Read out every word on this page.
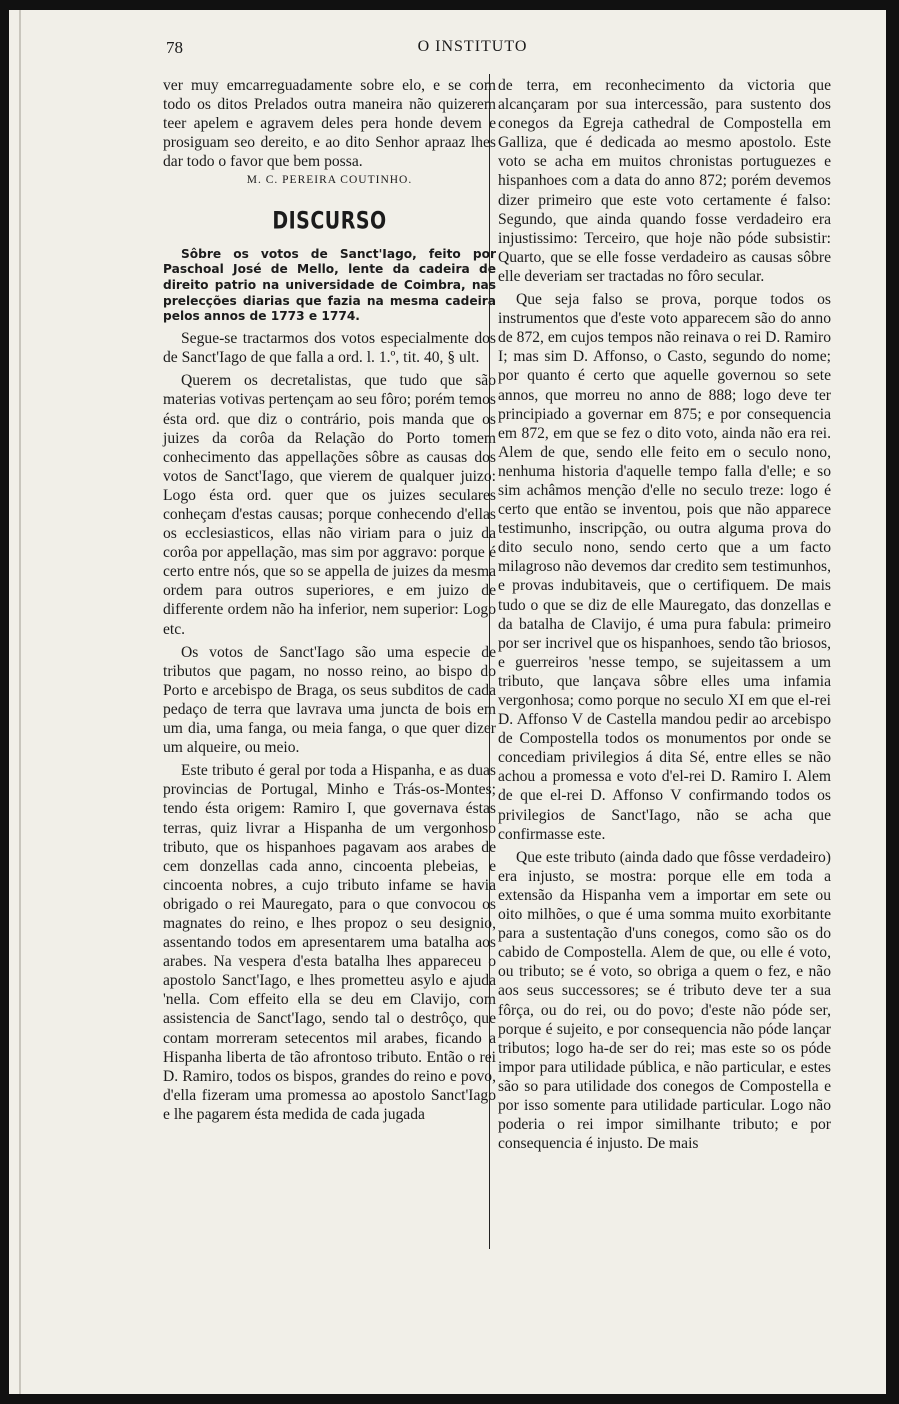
78	O INSTITUTO

ver muy emcarreguadamente sobre elo, e se com todo os ditos Prelados outra maneira não quizerem teer apelem e agravem deles pera honde devem e prosiguam seo dereito, e ao dito Senhor apraaz lhes dar todo o favor que bem possa.

M. C. PEREIRA COUTINHO.

DISCURSO

Sôbre os votos de Sanct'Iago, feito por Paschoal José de Mello, lente da cadeira de direito patrio na universidade de Coimbra, nas prelecções diarias que fazia na mesma cadeira pelos annos de 1773 e 1774.

Segue-se tractarmos dos votos especialmente dos de Sanct'Iago de que falla a ord. l. 1.º, tit. 40, § ult.

Querem os decretalistas, que tudo que são materias votivas pertençam ao seu fôro; porém temos ésta ord. que diz o contrário, pois manda que os juizes da corôa da Relação do Porto tomem conhecimento das appellações sôbre as causas dos votos de Sanct'Iago, que vierem de qualquer juizo: Logo ésta ord. quer que os juizes seculares conheçam d'estas causas; porque conhecendo d'ellas os ecclesiasticos, ellas não viriam para o juiz da corôa por appellação, mas sim por aggravo: porque é certo entre nós, que so se appella de juizes da mesma ordem para outros superiores, e em juizo de differente ordem não ha inferior, nem superior: Logo etc.

Os votos de Sanct'Iago são uma especie de tributos que pagam, no nosso reino, ao bispo do Porto e arcebispo de Braga, os seus subditos de cada pedaço de terra que lavrava uma juncta de bois em um dia, uma fanga, ou meia fanga, o que quer dizer um alqueire, ou meio.

Este tributo é geral por toda a Hispanha, e as duas provincias de Portugal, Minho e Trás-os-Montes; tendo ésta origem: Ramiro I, que governava éstas terras, quiz livrar a Hispanha de um vergonhoso tributo, que os hispanhoes pagavam aos arabes de cem donzellas cada anno, cincoenta plebeias, e cincoenta nobres, a cujo tributo infame se havia obrigado o rei Mauregato, para o que convocou os magnates do reino, e lhes propoz o seu designio, assentando todos em apresentarem uma batalha aos arabes. Na vespera d'esta batalha lhes appareceu o apostolo Sanct'Iago, e lhes prometteu asylo e ajuda 'nella. Com effeito ella se deu em Clavijo, com assistencia de Sanct'Iago, sendo tal o destrôço, que contam morreram setecentos mil arabes, ficando a Hispanha liberta de tão afrontoso tributo. Então o rei D. Ramiro, todos os bispos, grandes do reino e povo, d'ella fizeram uma promessa ao apostolo Sanct'Iago e lhe pagarem ésta medida de cada jugada

de terra, em reconhecimento da victoria que alcançaram por sua intercessão, para sustento dos conegos da Egreja cathedral de Compostella em Galliza, que é dedicada ao mesmo apostolo. Este voto se acha em muitos chronistas portuguezes e hispanhoes com a data do anno 872; porém devemos dizer primeiro que este voto certamente é falso: Segundo, que ainda quando fosse verdadeiro era injustissimo: Terceiro, que hoje não póde subsistir: Quarto, que se elle fosse verdadeiro as causas sôbre elle deveriam ser tractadas no fôro secular.

Que seja falso se prova, porque todos os instrumentos que d'este voto apparecem são do anno de 872, em cujos tempos não reinava o rei D. Ramiro I; mas sim D. Affonso, o Casto, segundo do nome; por quanto é certo que aquelle governou so sete annos, que morreu no anno de 888; logo deve ter principiado a governar em 875; e por consequencia em 872, em que se fez o dito voto, ainda não era rei. Alem de que, sendo elle feito em o seculo nono, nenhuma historia d'aquelle tempo falla d'elle; e so sim achâmos menção d'elle no seculo treze: logo é certo que então se inventou, pois que não apparece testimunho, inscripção, ou outra alguma prova do dito seculo nono, sendo certo que a um facto milagroso não devemos dar credito sem testimunhos, e provas indubitaveis, que o certifiquem. De mais tudo o que se diz de elle Mauregato, das donzellas e da batalha de Clavijo, é uma pura fabula: primeiro por ser incrivel que os hispanhoes, sendo tão briosos, e guerreiros 'nesse tempo, se sujeitassem a um tributo, que lançava sôbre elles uma infamia vergonhosa; como porque no seculo XI em que el-rei D. Affonso V de Castella mandou pedir ao arcebispo de Compostella todos os monumentos por onde se concediam privilegios á dita Sé, entre elles se não achou a promessa e voto d'el-rei D. Ramiro I. Alem de que el-rei D. Affonso V confirmando todos os privilegios de Sanct'Iago, não se acha que confirmasse este.

Que este tributo (ainda dado que fôsse verdadeiro) era injusto, se mostra: porque elle em toda a extensão da Hispanha vem a importar em sete ou oito milhões, o que é uma somma muito exorbitante para a sustentação d'uns conegos, como são os do cabido de Compostella. Alem de que, ou elle é voto, ou tributo; se é voto, so obriga a quem o fez, e não aos seus successores; se é tributo deve ter a sua fôrça, ou do rei, ou do povo; d'este não póde ser, porque é sujeito, e por consequencia não póde lançar tributos; logo ha-de ser do rei; mas este so os póde impor para utilidade pública, e não particular, e estes são so para utilidade dos conegos de Compostella e por isso somente para utilidade particular. Logo não poderia o rei impor similhante tributo; e por consequencia é injusto. De mais
